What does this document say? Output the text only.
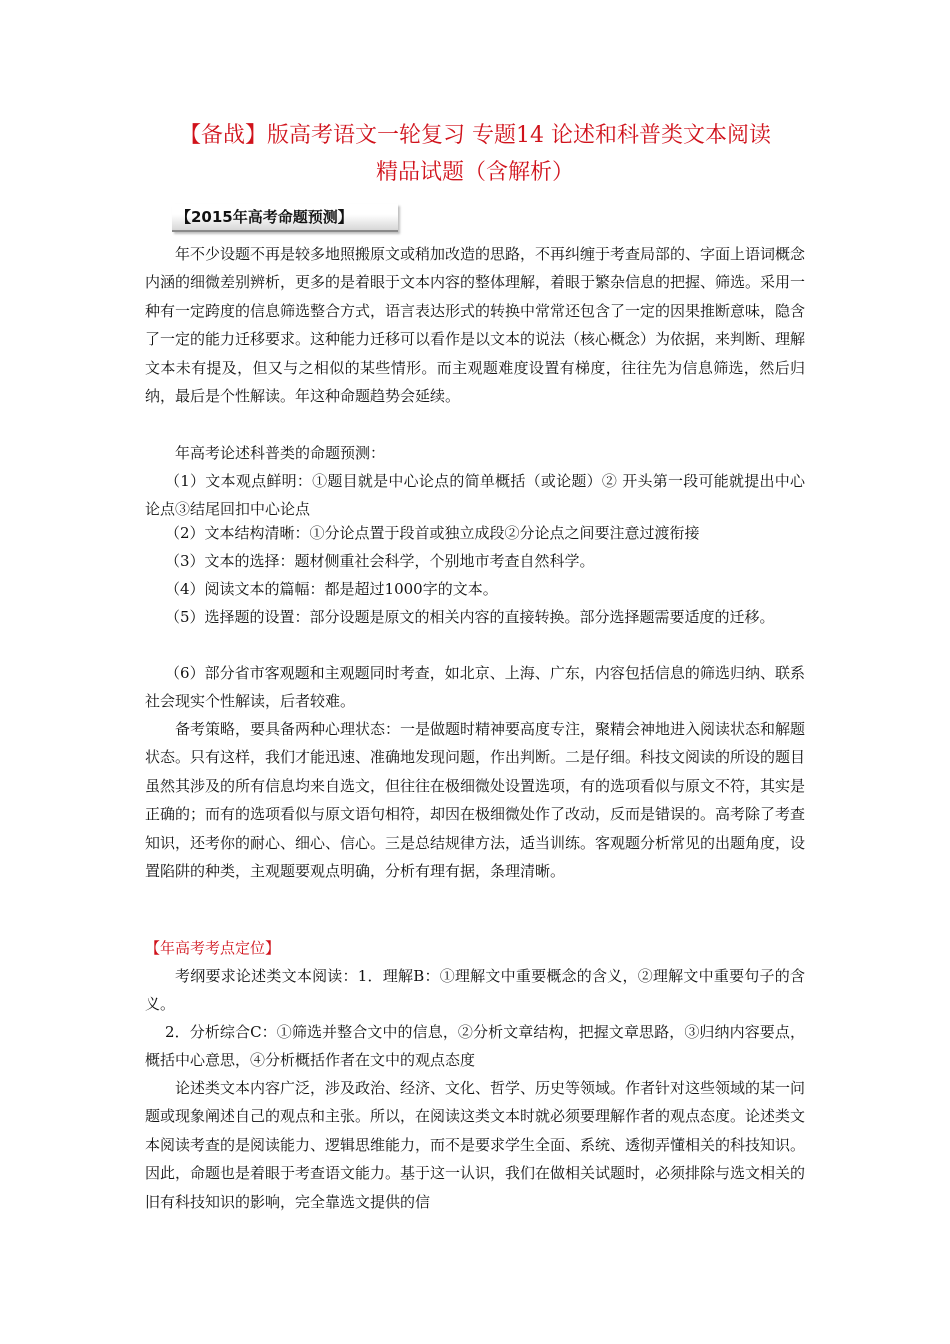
【备战】版高考语文一轮复习 专题14 论述和科普类文本阅读
精品试题（含解析）
【2015年高考命题预测】

年不少设题不再是较多地照搬原文或稍加改造的思路，不再纠缠于考查局部的、字面上语词概念内涵的细微差别辨析，更多的是着眼于文本内容的整体理解，着眼于繁杂信息的把握、筛选。采用一种有一定跨度的信息筛选整合方式，语言表达形式的转换中常常还包含了一定的因果推断意味，隐含了一定的能力迁移要求。这种能力迁移可以看作是以文本的说法（核心概念）为依据，来判断、理解文本未有提及，但又与之相似的某些情形。而主观题难度设置有梯度，往往先为信息筛选，然后归纳，最后是个性解读。年这种命题趋势会延续。

年高考论述科普类的命题预测：

（1）文本观点鲜明：①题目就是中心论点的简单概括（或论题）② 开头第一段可能就提出中心论点③结尾回扣中心论点

（2）文本结构清晰：①分论点置于段首或独立成段②分论点之间要注意过渡衔接

（3）文本的选择：题材侧重社会科学，个别地市考查自然科学。

（4）阅读文本的篇幅：都是超过1000字的文本。

（5）选择题的设置：部分设题是原文的相关内容的直接转换。部分选择题需要适度的迁移。

（6）部分省市客观题和主观题同时考查，如北京、上海、广东，内容包括信息的筛选归纳、联系社会现实个性解读，后者较难。

备考策略，要具备两种心理状态：一是做题时精神要高度专注，聚精会神地进入阅读状态和解题状态。只有这样，我们才能迅速、准确地发现问题，作出判断。二是仔细。科技文阅读的所设的题目虽然其涉及的所有信息均来自选文，但往往在极细微处设置选项，有的选项看似与原文不符，其实是正确的；而有的选项看似与原文语句相符，却因在极细微处作了改动，反而是错误的。高考除了考查知识，还考你的耐心、细心、信心。三是总结规律方法，适当训练。客观题分析常见的出题角度，设置陷阱的种类，主观题要观点明确，分析有理有据，条理清晰。

【年高考考点定位】

考纲要求论述类文本阅读：1．理解B：①理解文中重要概念的含义，②理解文中重要句子的含义。

2．分析综合C：①筛选并整合文中的信息，②分析文章结构，把握文章思路，③归纳内容要点，概括中心意思，④分析概括作者在文中的观点态度

论述类文本内容广泛，涉及政治、经济、文化、哲学、历史等领域。作者针对这些领域的某一问题或现象阐述自己的观点和主张。所以，在阅读这类文本时就必须要理解作者的观点态度。论述类文本阅读考查的是阅读能力、逻辑思维能力，而不是要求学生全面、系统、透彻弄懂相关的科技知识。因此，命题也是着眼于考查语文能力。基于这一认识，我们在做相关试题时，必须排除与选文相关的旧有科技知识的影响，完全靠选文提供的信
